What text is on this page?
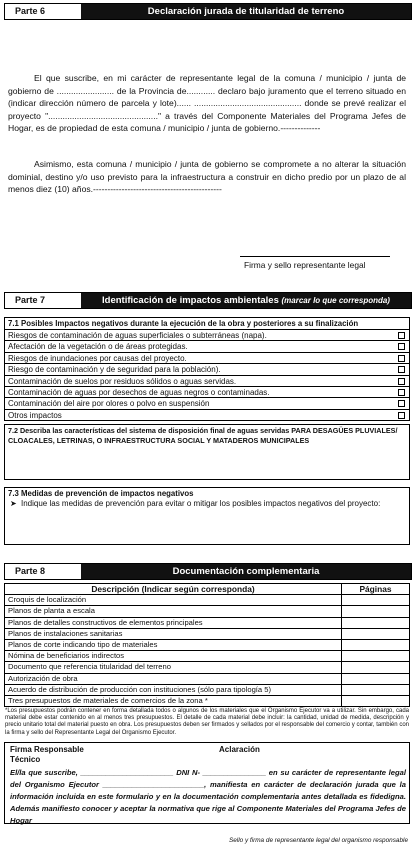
Parte 6	Declaración jurada de titularidad de terreno

El que suscribe, en mi carácter de representante legal de la comuna / municipio / junta de gobierno de ........................ de la Provincia de............ declaro bajo juramento que el terreno situado en (indicar dirección número de parcela y lote)...... ............................................. donde se prevé realizar el proyecto ".............................................." a través del Componente Materiales del Programa Jefes de Hogar, es de propiedad de esta comuna / municipio / junta de gobierno.--------------

Asimismo, esta comuna / municipio / junta de gobierno se compromete a no alterar la situación dominial, destino y/o uso previsto para la infraestructura a construir en dicho predio por un plazo de al menos diez (10) años.---------------------------------------------

Firma y sello representante legal
Parte 7	Identificación de impactos ambientales (marcar lo que corresponda)
7.1 Posibles Impactos negativos durante la ejecución de la obra y posteriores a su finalización
Riesgos de contaminación de aguas superficiales o subterráneas (napa).
Afectación de la vegetación o de áreas protegidas.
Riesgos de inundaciones por causas del proyecto.
Riesgo de contaminación y de seguridad para la población).
Contaminación de suelos por residuos sólidos o aguas servidas.
Contaminación de aguas por desechos de aguas negros o contaminadas.
Contaminación del aire por olores o polvo en suspensión
Otros impactos
7.2 Describa las características del sistema de disposición final de aguas servidas PARA DESAGÜES PLUVIALES/ CLOACALES, LETRINAS, O INFRAESTRUCTURA SOCIAL Y MATADEROS MUNICIPALES
7.3 Medidas de prevención de impactos negativos
➤ Indique las medidas de prevención para evitar o mitigar los posibles impactos negativos del proyecto:
Parte 8	Documentación complementaria
Descripción (Indicar según corresponda)	Páginas
Croquis de localización	
Planos de planta a escala	
Planos de detalles constructivos de elementos principales	
Planos de instalaciones sanitarias	
Planos de corte indicando tipo de materiales	
Nómina de beneficiarios indirectos	
Documento que referencia titularidad del terreno	
Autorización de obra	
Acuerdo de distribución de producción con instituciones (sólo para tipología 5)	
Tres presupuestos de materiales de comercios de la zona *	

*Los presupuestos podrán contener en forma detallada todos o algunos de los materiales que el Organismo Ejecutor va a utilizar. Sin embargo, cada material debe estar contenido en al menos tres presupuestos. El detalle de cada material debe incluir: la cantidad, unidad de medida, descripción y precio unitario total del material puesto en obra. Los presupuestos deben ser firmados y sellados por el responsable del comercio y contar, también con la firma y sello del Representante Legal del Organismo Ejecutor.

Firma Responsable Técnico
Aclaración

El/la que suscribe, ______________________ DNI N- _______________ en su carácter de representante legal del Organismo Ejecutor ________________________, manifiesta en carácter de declaración jurada que la información incluida en este formulario y en la documentación complementaria antes detallada es fidedigna. Además manifiesto conocer y aceptar la normativa que rige al Componente Materiales del Programa Jefes de Hogar

Sello y firma de representante legal del organismo responsable
